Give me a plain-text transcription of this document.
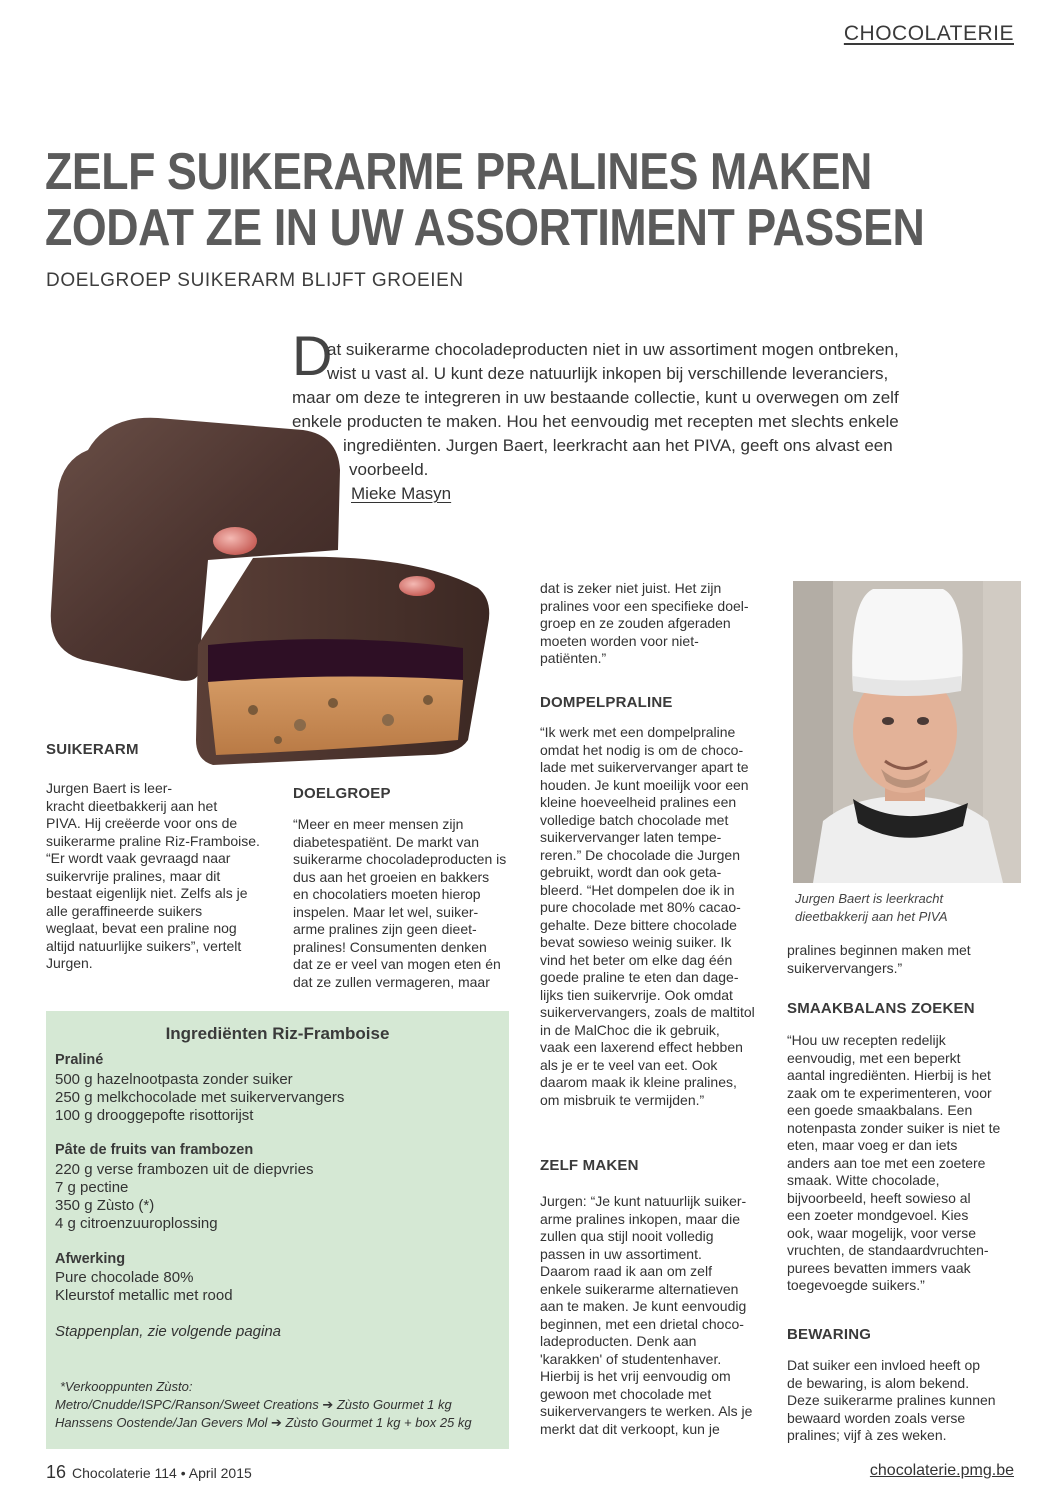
CHOCOLATERIE
ZELF SUIKERARME PRALINES MAKEN
ZODAT ZE IN UW ASSORTIMENT PASSEN
DOELGROEP SUIKERARM BLIJFT GROEIEN
D
at suikerarme chocoladeproducten niet in uw assortiment mogen ontbreken,
wist u vast al. U kunt deze natuurlijk inkopen bij verschillende leveranciers,
maar om deze te integreren in uw bestaande collectie, kunt u overwegen om zelf
enkele producten te maken. Hou het eenvoudig met recepten met slechts enkele
ingrediënten. Jurgen Baert, leerkracht aan het PIVA, geeft ons alvast een
voorbeeld.
Mieke Masyn
SUIKERARM

Jurgen Baert is leer-

kracht dieetbakkerij aan het

PIVA. Hij creëerde voor ons de

suikerarme praline Riz-Framboise.

“Er wordt vaak gevraagd naar

suikervrije pralines, maar dit

bestaat eigenlijk niet. Zelfs als je

alle geraffineerde suikers

weglaat, bevat een praline nog

altijd natuurlijke suikers”, vertelt

Jurgen.

DOELGROEP

“Meer en meer mensen zijn

diabetespatiënt. De markt van

suikerarme chocoladeproducten is

dus aan het groeien en bakkers

en chocolatiers moeten hierop

inspelen. Maar let wel, suiker-

arme pralines zijn geen dieet-

pralines! Consumenten denken

dat ze er veel van mogen eten én

dat ze zullen vermageren, maar

dat is zeker niet juist. Het zijn

pralines voor een specifieke doel-

groep en ze zouden afgeraden

moeten worden voor niet-

patiënten.”

DOMPELPRALINE

“Ik werk met een dompelpraline

omdat het nodig is om de choco-

lade met suikervervanger apart te

houden. Je kunt moeilijk voor een

kleine hoeveelheid pralines een

volledige batch chocolade met

suikervervanger laten tempe-

reren.” De chocolade die Jurgen

gebruikt, wordt dan ook geta-

bleerd. “Het dompelen doe ik in

pure chocolade met 80% cacao-

gehalte. Deze bittere chocolade

bevat sowieso weinig suiker. Ik

vind het beter om elke dag één

goede praline te eten dan dage-

lijks tien suikervrije. Ook omdat

suikervervangers, zoals de maltitol

in de MalChoc die ik gebruik,

vaak een laxerend effect hebben

als je er te veel van eet. Ook

daarom maak ik kleine pralines,

om misbruik te vermijden.”

ZELF MAKEN

Jurgen: “Je kunt natuurlijk suiker-

arme pralines inkopen, maar die

zullen qua stijl nooit volledig

passen in uw assortiment.

Daarom raad ik aan om zelf

enkele suikerarme alternatieven

aan te maken. Je kunt eenvoudig

beginnen, met een drietal choco-

ladeproducten. Denk aan

'karakken' of studentenhaver.

Hierbij is het vrij eenvoudig om

gewoon met chocolade met

suikervervangers te werken. Als je

merkt dat dit verkoopt, kun je

Jurgen Baert is leerkracht
dieetbakkerij aan het PIVA

pralines beginnen maken met

suikervervangers.”

SMAAKBALANS ZOEKEN

“Hou uw recepten redelijk

eenvoudig, met een beperkt

aantal ingrediënten. Hierbij is het

zaak om te experimenteren, voor

een goede smaakbalans. Een

notenpasta zonder suiker is niet te

eten, maar voeg er dan iets

anders aan toe met een zoetere

smaak. Witte chocolade,

bijvoorbeeld, heeft sowieso al

een zoeter mondgevoel. Kies

ook, waar mogelijk, voor verse

vruchten, de standaardvruchten-

purees bevatten immers vaak

toegevoegde suikers.”

BEWARING

Dat suiker een invloed heeft op

de bewaring, is alom bekend.

Deze suikerarme pralines kunnen

bewaard worden zoals verse

pralines; vijf à zes weken.

Ingrediënten Riz-Framboise
Praliné
500 g hazelnootpasta zonder suiker
250 g melkchocolade met suikervervangers
100 g drooggepofte risottorijst
Pâte de fruits van frambozen
220 g verse frambozen uit de diepvries
7 g pectine
350 g Zùsto (*)
4 g citroenzuuroplossing
Afwerking
Pure chocolade 80%
Kleurstof metallic met rood
Stappenplan, zie volgende pagina
*Verkooppunten Zùsto:
Metro/Cnudde/ISPC/Ranson/Sweet Creations ➔ Zùsto Gourmet 1 kg
Hanssens Oostende/Jan Gevers Mol ➔ Zùsto Gourmet 1 kg + box 25 kg
16 Chocolaterie 114 • April 2015	chocolaterie.pmg.be
